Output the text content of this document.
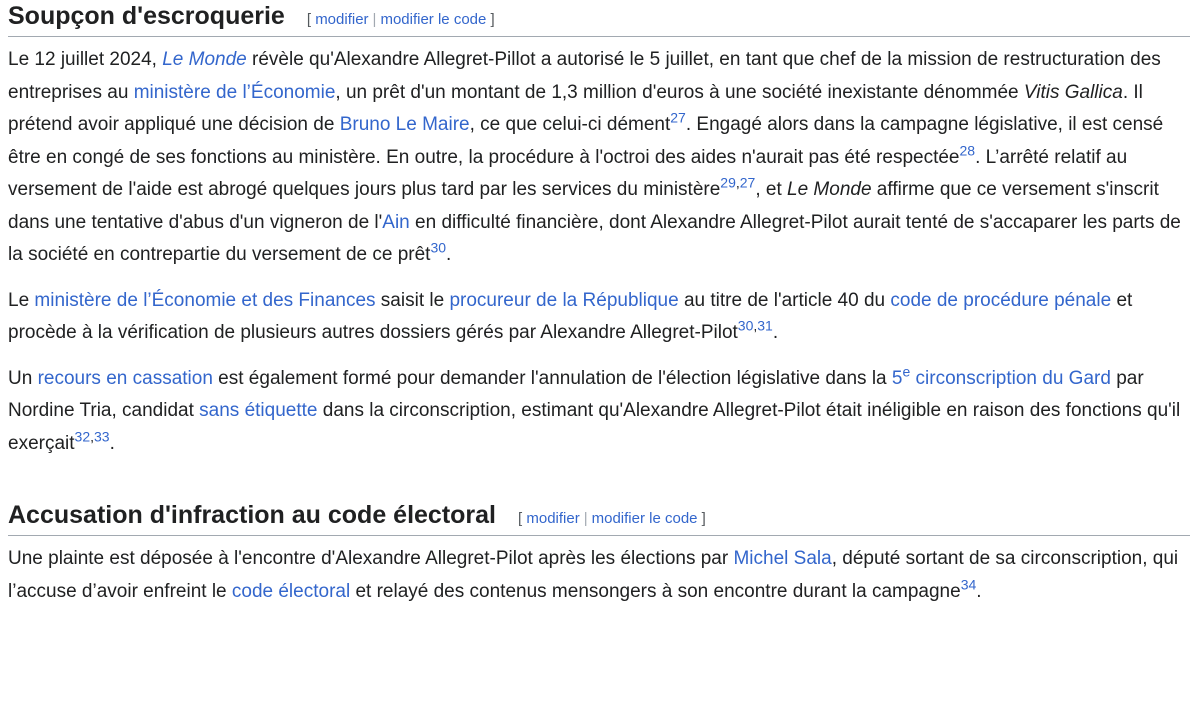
Soupçon d'escroquerie [ modifier | modifier le code ]

Le 12 juillet 2024, Le Monde révèle qu'Alexandre Allegret-Pillot a autorisé le 5 juillet, en tant que chef de la mission de restructuration des entreprises au ministère de l’Économie, un prêt d'un montant de 1,3 million d'euros à une société inexistante dénommée Vitis Gallica. Il prétend avoir appliqué une décision de Bruno Le Maire, ce que celui-ci dément$^{27}$. Engagé alors dans la campagne législative, il est censé être en congé de ses fonctions au ministère. En outre, la procédure à l'octroi des aides n'aurait pas été respectée$^{28}$. L’arrêté relatif au versement de l'aide est abrogé quelques jours plus tard par les services du ministère$^{29,27}$, et Le Monde affirme que ce versement s'inscrit dans une tentative d'abus d'un vigneron de l'Ain en difficulté financière, dont Alexandre Allegret-Pilot aurait tenté de s'accaparer les parts de la société en contrepartie du versement de ce prêt$^{30}$.

Le ministère de l’Économie et des Finances saisit le procureur de la République au titre de l'article 40 du code de procédure pénale et procède à la vérification de plusieurs autres dossiers gérés par Alexandre Allegret-Pilot$^{30,31}$.

Un recours en cassation est également formé pour demander l'annulation de l'élection législative dans la 5e circonscription du Gard par Nordine Tria, candidat sans étiquette dans la circonscription, estimant qu'Alexandre Allegret-Pilot était inéligible en raison des fonctions qu'il exerçait$^{32,33}$.

Accusation d'infraction au code électoral [ modifier | modifier le code ]

Une plainte est déposée à l'encontre d'Alexandre Allegret-Pilot après les élections par Michel Sala, député sortant de sa circonscription, qui l’accuse d’avoir enfreint le code électoral et relayé des contenus mensongers à son encontre durant la campagne$^{34}$.
